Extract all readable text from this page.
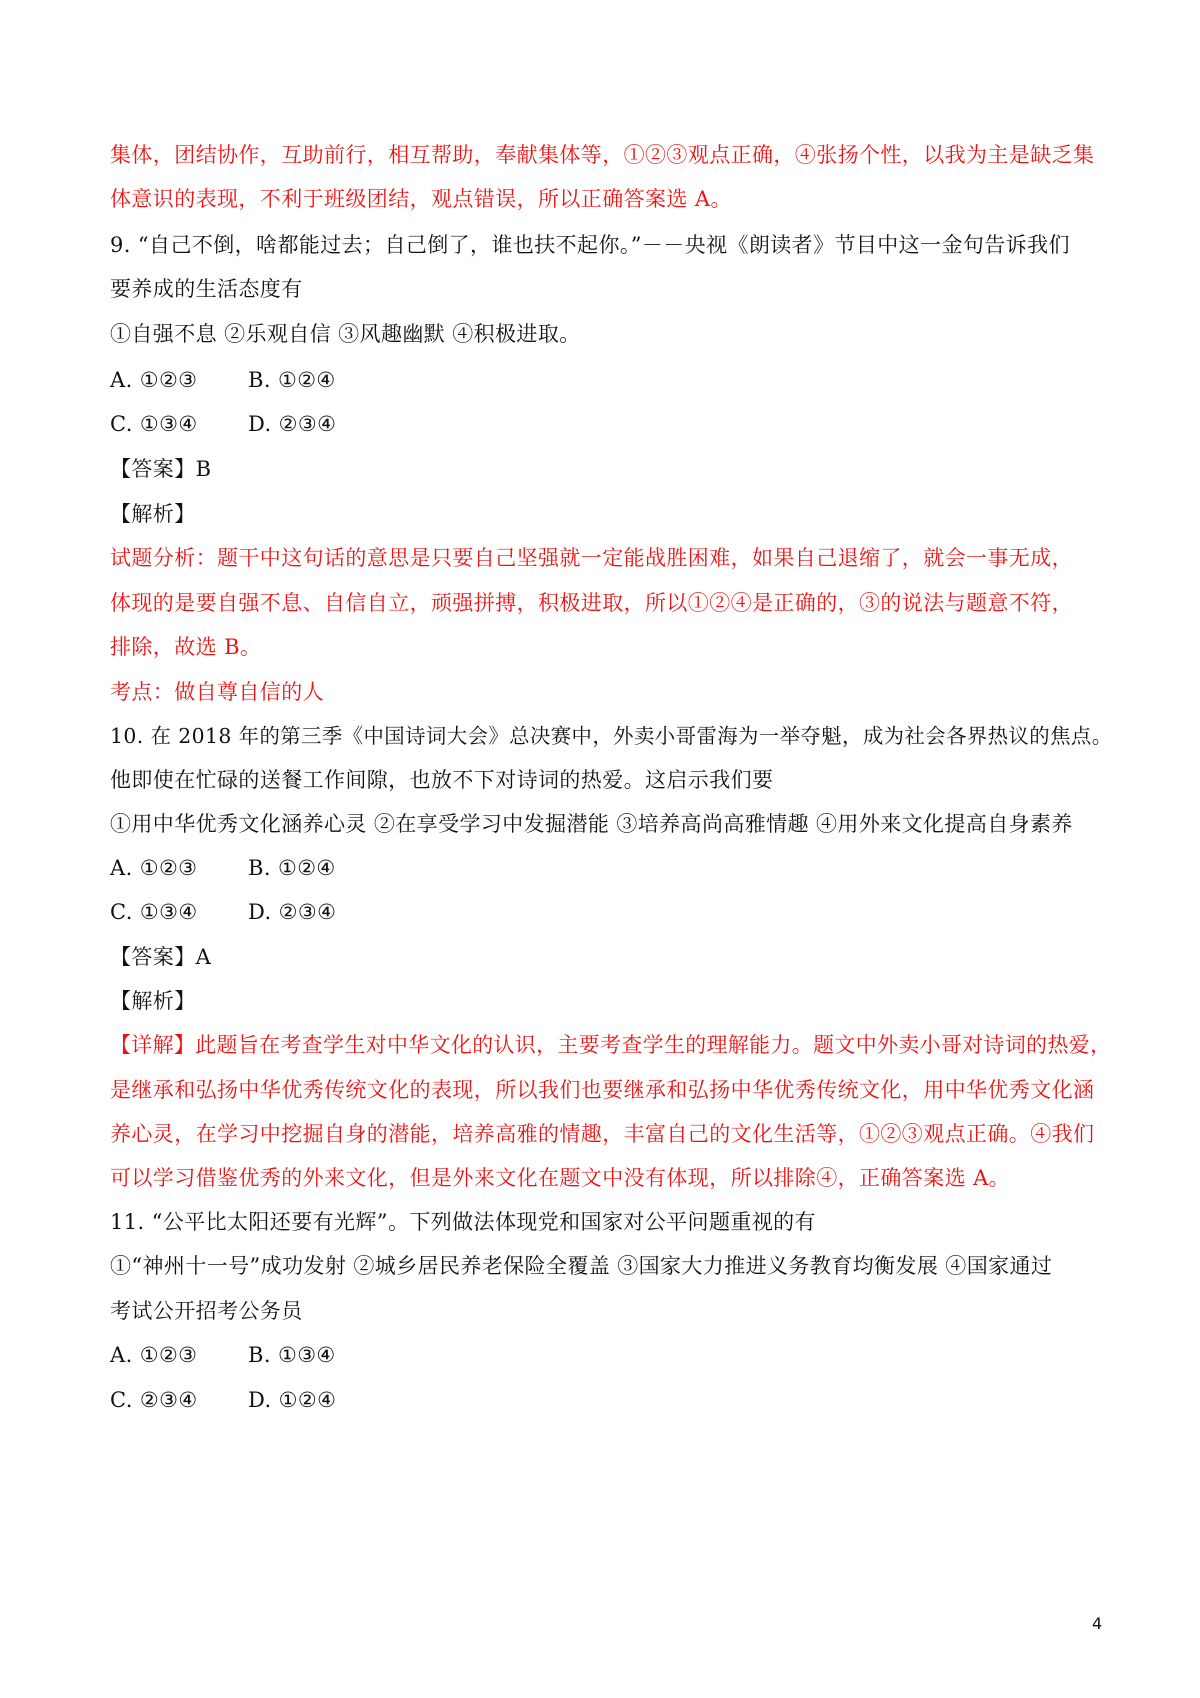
集体，团结协作，互助前行，相互帮助，奉献集体等，①②③观点正确，④张扬个性，以我为主是缺乏集
体意识的表现，不利于班级团结，观点错误，所以正确答案选 A。
9. “自己不倒，啥都能过去；自己倒了，谁也扶不起你。”－－央视《朗读者》节目中这一金句告诉我们
要养成的生活态度有
①自强不息 ②乐观自信 ③风趣幽默 ④积极进取。
A. ①②③ B. ①②④
C. ①③④ D. ②③④
【答案】B
【解析】
试题分析：题干中这句话的意思是只要自己坚强就一定能战胜困难，如果自己退缩了，就会一事无成，
体现的是要自强不息、自信自立，顽强拼搏，积极进取，所以①②④是正确的，③的说法与题意不符，
排除，故选 B。
考点：做自尊自信的人
10. 在 2018 年的第三季《中国诗词大会》总决赛中，外卖小哥雷海为一举夺魁，成为社会各界热议的焦点。
他即使在忙碌的送餐工作间隙，也放不下对诗词的热爱。这启示我们要
①用中华优秀文化涵养心灵 ②在享受学习中发掘潜能 ③培养高尚高雅情趣 ④用外来文化提高自身素养
A. ①②③ B. ①②④
C. ①③④ D. ②③④
【答案】A
【解析】
【详解】此题旨在考查学生对中华文化的认识，主要考查学生的理解能力。题文中外卖小哥对诗词的热爱，
是继承和弘扬中华优秀传统文化的表现，所以我们也要继承和弘扬中华优秀传统文化，用中华优秀文化涵
养心灵，在学习中挖掘自身的潜能，培养高雅的情趣，丰富自己的文化生活等，①②③观点正确。④我们
可以学习借鉴优秀的外来文化，但是外来文化在题文中没有体现，所以排除④，正确答案选 A。
11. “公平比太阳还要有光辉”。下列做法体现党和国家对公平问题重视的有
①“神州十一号”成功发射 ②城乡居民养老保险全覆盖 ③国家大力推进义务教育均衡发展 ④国家通过
考试公开招考公务员
A. ①②③ B. ①③④
C. ②③④ D. ①②④
4
